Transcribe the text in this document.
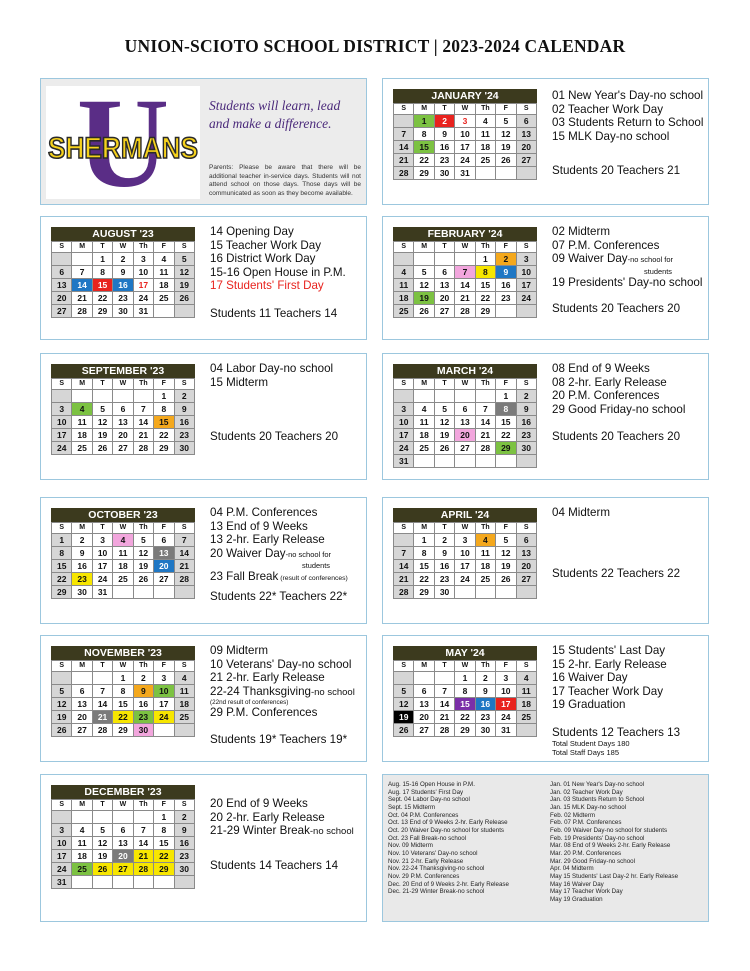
UNION-SCIOTO SCHOOL DISTRICT | 2023-2024 CALENDAR
U
SHERMANS
Students will learn, lead
and make a difference.
Parents: Please be aware that there will be additional teacher in-service days. Students will not attend school on those days. Those days will be communicated as soon as they become available.
JANUARY '24
S	M	T	W	Th	F	S
	1	2	3	4	5	6
7	8	9	10	11	12	13
14	15	16	17	18	19	20
21	22	23	24	25	26	27
28	29	30	31			
01 New Year's Day-no school
02 Teacher Work Day
03 Students Return to School
15 MLK Day-no school
Students 20 Teachers 21
AUGUST '23
S	M	T	W	Th	F	S
		1	2	3	4	5
6	7	8	9	10	11	12
13	14	15	16	17	18	19
20	21	22	23	24	25	26
27	28	29	30	31		
14 Opening Day
15 Teacher Work Day
16 District Work Day
15-16 Open House in P.M.
17 Students' First Day
Students 11 Teachers 14
FEBRUARY '24
S	M	T	W	Th	F	S
				1	2	3
4	5	6	7	8	9	10
11	12	13	14	15	16	17
18	19	20	21	22	23	24
25	26	27	28	29		
02 Midterm
07 P.M. Conferences
09 Waiver Day-no school for
students
19 Presidents' Day-no school
Students 20 Teachers 20
SEPTEMBER '23
S	M	T	W	Th	F	S
					1	2
3	4	5	6	7	8	9
10	11	12	13	14	15	16
17	18	19	20	21	22	23
24	25	26	27	28	29	30
04 Labor Day-no school
15 Midterm
Students 20 Teachers 20
MARCH '24
S	M	T	W	Th	F	S
					1	2
3	4	5	6	7	8	9
10	11	12	13	14	15	16
17	18	19	20	21	22	23
24	25	26	27	28	29	30
31						
08 End of 9 Weeks
08 2-hr. Early Release
20 P.M. Conferences
29 Good Friday-no school
Students 20 Teachers 20
OCTOBER '23
S	M	T	W	Th	F	S
1	2	3	4	5	6	7
8	9	10	11	12	13	14
15	16	17	18	19	20	21
22	23	24	25	26	27	28
29	30	31				
04 P.M. Conferences
13 End of 9 Weeks
13 2-hr. Early Release
20 Waiver Day-no school for
students
23 Fall Break (result of conferences)
Students 22* Teachers 22*
APRIL '24
S	M	T	W	Th	F	S
	1	2	3	4	5	6
7	8	9	10	11	12	13
14	15	16	17	18	19	20
21	22	23	24	25	26	27
28	29	30				
04 Midterm
Students 22 Teachers 22
NOVEMBER '23
S	M	T	W	Th	F	S
			1	2	3	4
5	6	7	8	9	10	11
12	13	14	15	16	17	18
19	20	21	22	23	24	25
26	27	28	29	30		
09 Midterm
10 Veterans' Day-no school
21 2-hr. Early Release
22-24 Thanksgiving-no school
(22nd result of conferences)
29 P.M. Conferences
Students 19* Teachers 19*
MAY '24
S	M	T	W	Th	F	S
			1	2	3	4
5	6	7	8	9	10	11
12	13	14	15	16	17	18
19	20	21	22	23	24	25
26	27	28	29	30	31	
15 Students' Last Day
15 2-hr. Early Release
16 Waiver Day
17 Teacher Work Day
19 Graduation
Students 12 Teachers 13
Total Student Days 180
Total Staff Days 185
DECEMBER '23
S	M	T	W	Th	F	S
					1	2
3	4	5	6	7	8	9
10	11	12	13	14	15	16
17	18	19	20	21	22	23
24	25	26	27	28	29	30
31						
20 End of 9 Weeks
20 2-hr. Early Release
21-29 Winter Break-no school
Students 14 Teachers 14
Aug. 15-16 Open House in P.M.
Aug. 17 Students' First Day
Sept. 04 Labor Day-no school
Sept. 15 Midterm
Oct. 04 P.M. Conferences
Oct. 13 End of 9 Weeks 2-hr. Early Release
Oct. 20 Waiver Day-no school for students
Oct. 23 Fall Break-no school
Nov. 09 Midterm
Nov. 10 Veterans' Day-no school
Nov. 21 2-hr. Early Release
Nov. 22-24 Thanksgiving-no school
Nov. 29 P.M. Conferences
Dec. 20 End of 9 Weeks 2-hr. Early Release
Dec. 21-29 Winter Break-no school
Jan. 01 New Year's Day-no school
Jan. 02 Teacher Work Day
Jan. 03 Students Return to School
Jan. 15 MLK Day-no school
Feb. 02 Midterm
Feb. 07 P.M. Conferences
Feb. 09 Waiver Day-no school for students
Feb. 19 Presidents' Day-no school
Mar. 08 End of 9 Weeks 2-hr. Early Release
Mar. 20 P.M. Conferences
Mar. 29 Good Friday-no school
Apr. 04 Midterm
May 15 Students' Last Day-2 hr. Early Release
May 16 Waiver Day
May 17 Teacher Work Day
May 19 Graduation
